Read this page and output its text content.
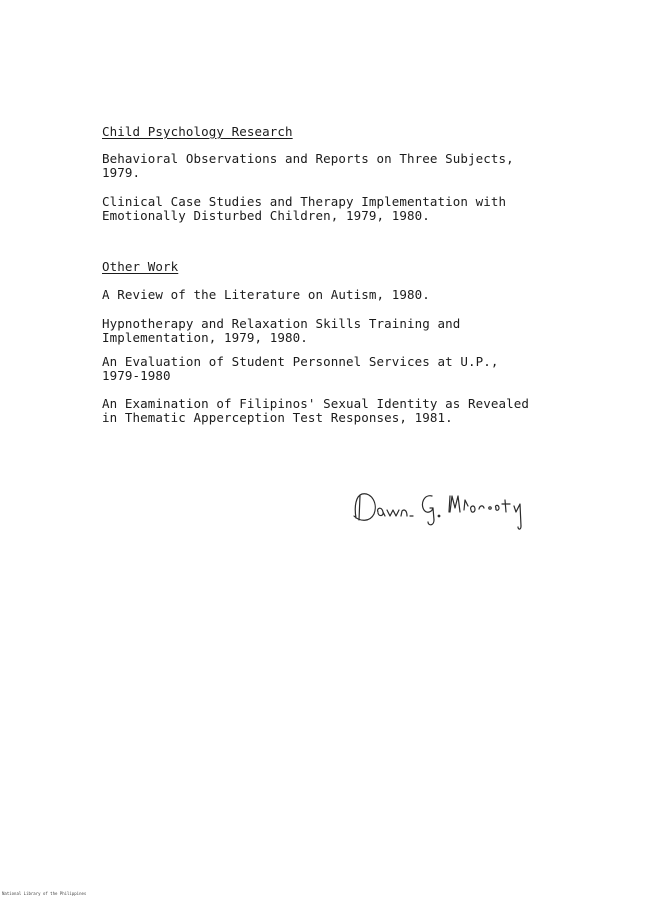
Child Psychology Research
Behavioral Observations and Reports on Three Subjects,
1979.
Clinical Case Studies and Therapy Implementation with
Emotionally Disturbed Children, 1979, 1980.
Other Work
A Review of the Literature on Autism, 1980.
Hypnotherapy and Relaxation Skills Training and
Implementation, 1979, 1980.
An Evaluation of Student Personnel Services at U.P.,
1979-1980
An Examination of Filipinos' Sexual Identity as Revealed
in Thematic Apperception Test Responses, 1981.
National Library of the Philippines
